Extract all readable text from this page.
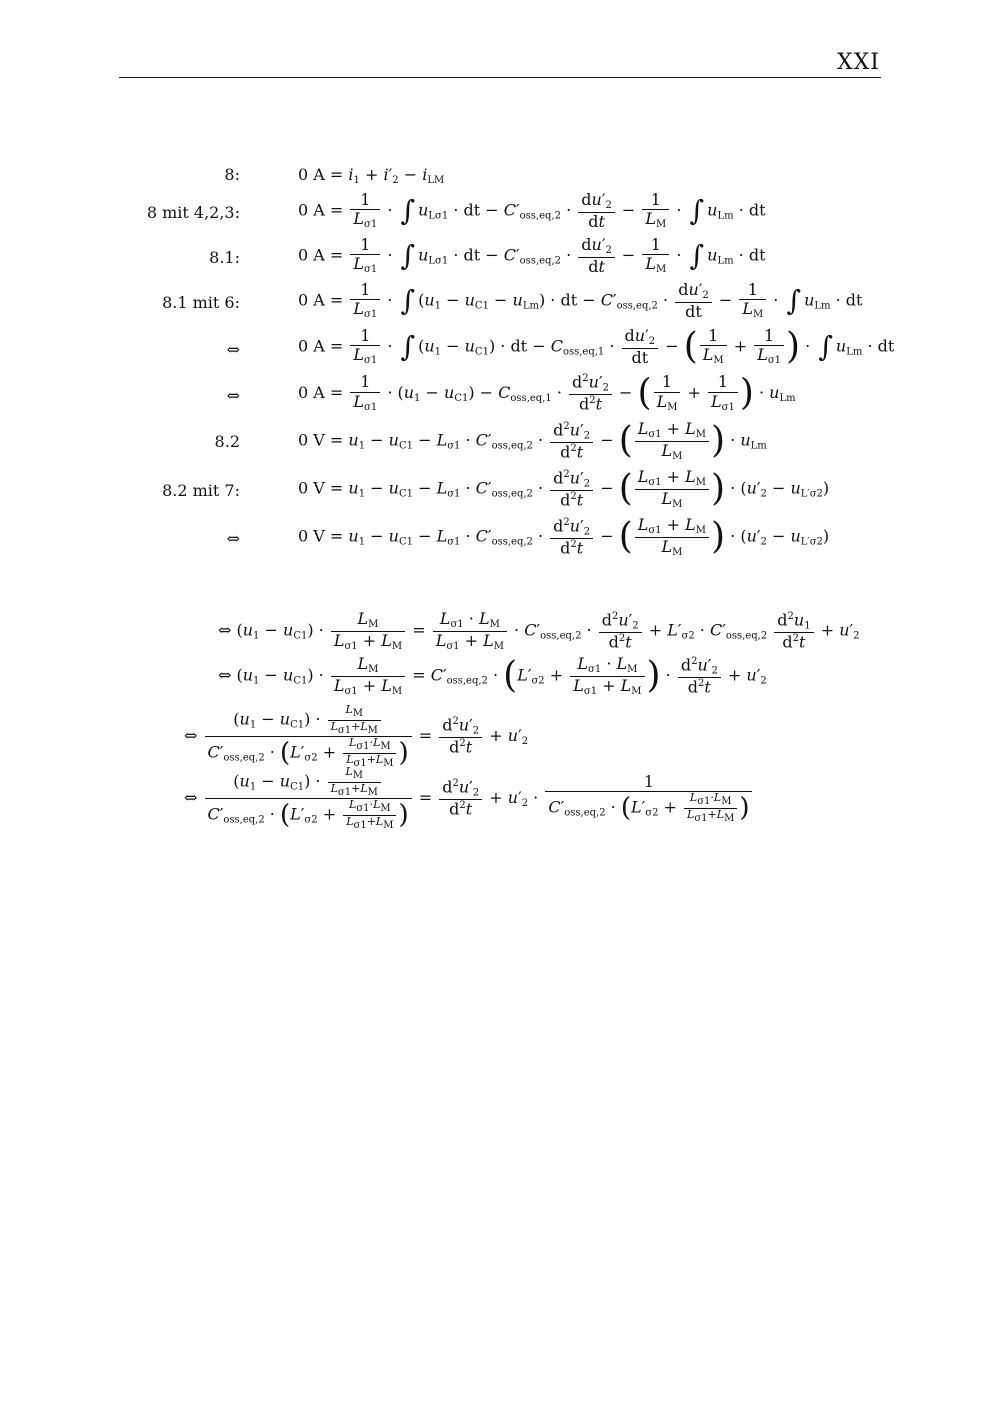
XXI
8:
8 mit 4,2,3:
8.1:
8.1 mit 6:
⇔
⇔
8.2
8.2 mit 7:
⇔
0 $A = i_1 + i'_2 - i_{LM}$
0 $A = \frac{1}{L_{\sigma 1}}$ · ∫ $u_{L\sigma 1}$ · dt − $C'_{oss,eq,2} \cdot \frac{du'_2}{dt} - \frac{1}{L_M}$ · ∫ $u_{Lm}$ · dt
0 $A = \frac{1}{L_{\sigma 1}}$ · ∫ $u_{L\sigma 1}$ · dt − $C'_{oss,eq,2} \cdot \frac{du'_2}{dt} - \frac{1}{L_M}$ · ∫ $u_{Lm}$ · dt
0 $A = \frac{1}{L_{\sigma 1}}$ · ∫ $(u_1 - u_{C1} - u_{Lm})$ · dt − $C'_{oss,eq,2} \cdot \frac{du'_2}{dt} - \frac{1}{L_M}$ · ∫ $u_{Lm}$ · dt
0 $A = \frac{1}{L_{\sigma 1}}$ · ∫ $(u_1 - u_{C1})$ · dt − $C_{oss,eq,1} \cdot \frac{du'_2}{dt}$ − ( $\frac{1}{L_M} + \frac{1}{L_{\sigma 1}}$ ) · ∫ $u_{Lm}$ · dt
0 $A = \frac{1}{L_{\sigma 1}} \cdot (u_1 - u_{C1}) - C_{oss,eq,1} \cdot \frac{d^2u'_2}{d^2t}$ − ( $\frac{1}{L_M} + \frac{1}{L_{\sigma 1}}$ ) · $u_{Lm}$
0 $V = u_1 - u_{C1} - L_{\sigma 1} \cdot C'_{oss,eq,2} \cdot \frac{d^2u'_2}{d^2t}$ − ( $\frac{L_{\sigma 1} + L_M}{L_M}$ ) · $u_{Lm}$
0 $V = u_1 - u_{C1} - L_{\sigma 1} \cdot C'_{oss,eq,2} \cdot \frac{d^2u'_2}{d^2t}$ − ( $\frac{L_{\sigma 1} + L_M}{L_M}$ ) · $(u'_2 - u_{L'\sigma 2})$
0 $V = u_1 - u_{C1} - L_{\sigma 1} \cdot C'_{oss,eq,2} \cdot \frac{d^2u'_2}{d^2t}$ − ( $\frac{L_{\sigma 1} + L_M}{L_M}$ ) · $(u'_2 - u_{L'\sigma 2})$
⇔ $(u_1 - u_{C1}) \cdot \frac{L_M}{L_{\sigma 1} + L_M} = \frac{L_{\sigma 1} \cdot L_M}{L_{\sigma 1} + L_M} \cdot C'_{oss,eq,2} \cdot \frac{d^2u'_2}{d^2t} + L'_{\sigma 2} \cdot C'_{oss,eq,2} \frac{d^2u_1}{d^2t} + u'_2$
⇔ $(u_1 - u_{C1}) \cdot \frac{L_M}{L_{\sigma 1} + L_M} = C'_{oss,eq,2} \cdot (L'_{\sigma 2} + \frac{L_{\sigma 1} \cdot L_M}{L_{\sigma 1} + L_M}$ ) · $\frac{d^2u'_2}{d^2t} + u'_2$
⇔ $\frac{(u_1 - u_{C1}) \cdot \frac{L_M}{L_{\sigma 1}+L_M}}{C'_{oss,eq,2} \cdot (L'_{\sigma 2} + \frac{L_{\sigma 1}\cdot L_M}{L_{\sigma 1}+L_M} )} = \frac{d^2u'_2}{d^2t} + u'_2$
⇔ $\frac{(u_1 - u_{C1}) \cdot \frac{L_M}{L_{\sigma 1}+L_M}}{C'_{oss,eq,2} \cdot (L'_{\sigma 2} + \frac{L_{\sigma 1}\cdot L_M}{L_{\sigma 1}+L_M} )} = \frac{d^2u'_2}{d^2t} + u'_2 \cdot \frac{1}{C'_{oss,eq,2} \cdot (L'_{\sigma 2} + \frac{L_{\sigma 1}\cdot L_M}{L_{\sigma 1}+L_M} )}$
